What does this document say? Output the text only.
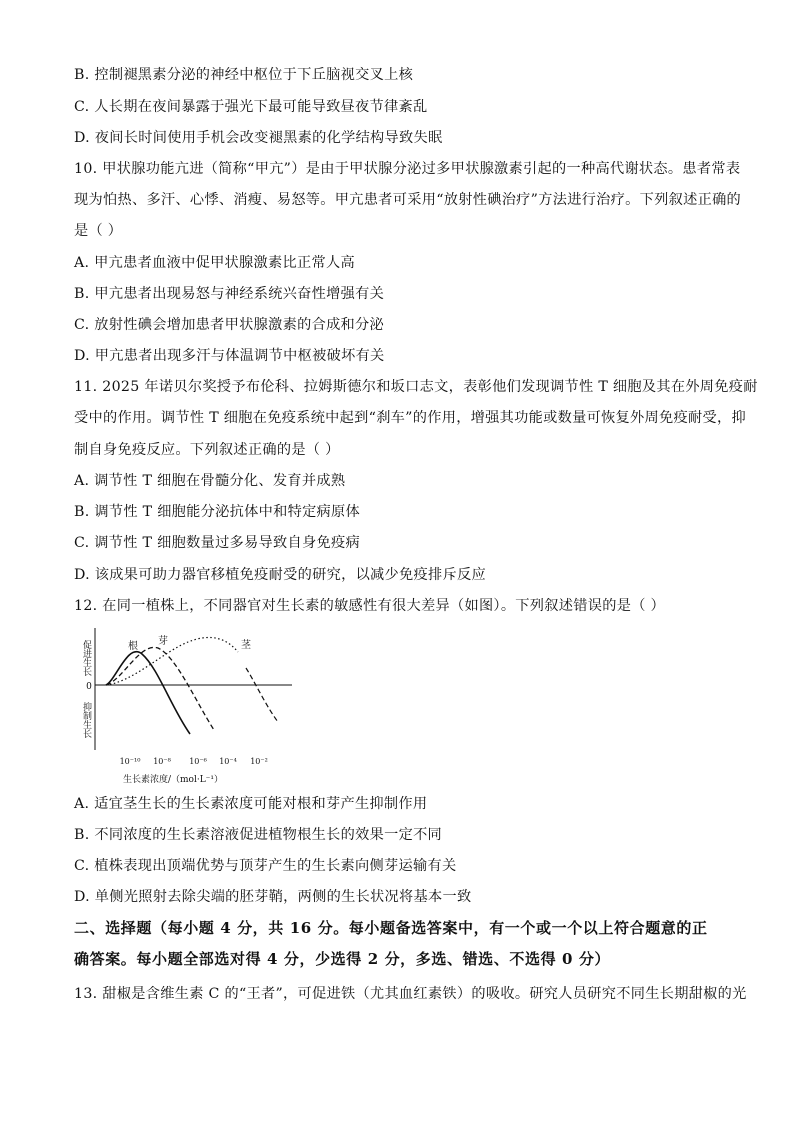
B. 控制褪黑素分泌的神经中枢位于下丘脑视交叉上核
C. 人长期在夜间暴露于强光下最可能导致昼夜节律紊乱
D. 夜间长时间使用手机会改变褪黑素的化学结构导致失眠
10. 甲状腺功能亢进（简称“甲亢”）是由于甲状腺分泌过多甲状腺激素引起的一种高代谢状态。患者常表
现为怕热、多汗、心悸、消瘦、易怒等。甲亢患者可采用“放射性碘治疗”方法进行治疗。下列叙述正确的
是（ ）
A. 甲亢患者血液中促甲状腺激素比正常人高
B. 甲亢患者出现易怒与神经系统兴奋性增强有关
C. 放射性碘会增加患者甲状腺激素的合成和分泌
D. 甲亢患者出现多汗与体温调节中枢被破坏有关
11. 2025 年诺贝尔奖授予布伦科、拉姆斯德尔和坂口志文，表彰他们发现调节性 T 细胞及其在外周免疫耐
受中的作用。调节性 T 细胞在免疫系统中起到“刹车”的作用，增强其功能或数量可恢复外周免疫耐受，抑
制自身免疫反应。下列叙述正确的是（ ）
A. 调节性 T 细胞在骨髓分化、发育并成熟
B. 调节性 T 细胞能分泌抗体中和特定病原体
C. 调节性 T 细胞数量过多易导致自身免疫病
D. 该成果可助力器官移植免疫耐受的研究，以减少免疫排斥反应
12. 在同一植株上，不同器官对生长素的敏感性有很大差异（如图）。下列叙述错误的是（ ）
0
促进生长
抑制生长
根 芽	茎
10⁻¹⁰ 10⁻⁸ 10⁻⁶ 10⁻⁴ 10⁻²
生长素浓度/（mol·L⁻¹）
A. 适宜茎生长的生长素浓度可能对根和芽产生抑制作用
B. 不同浓度的生长素溶液促进植物根生长的效果一定不同
C. 植株表现出顶端优势与顶芽产生的生长素向侧芽运输有关
D. 单侧光照射去除尖端的胚芽鞘，两侧的生长状况将基本一致
二、选择题（每小题 4 分，共 16 分。每小题备选答案中，有一个或一个以上符合题意的正
确答案。每小题全部选对得 4 分，少选得 2 分，多选、错选、不选得 0 分）
13. 甜椒是含维生素 C 的“王者”，可促进铁（尤其血红素铁）的吸收。研究人员研究不同生长期甜椒的光
